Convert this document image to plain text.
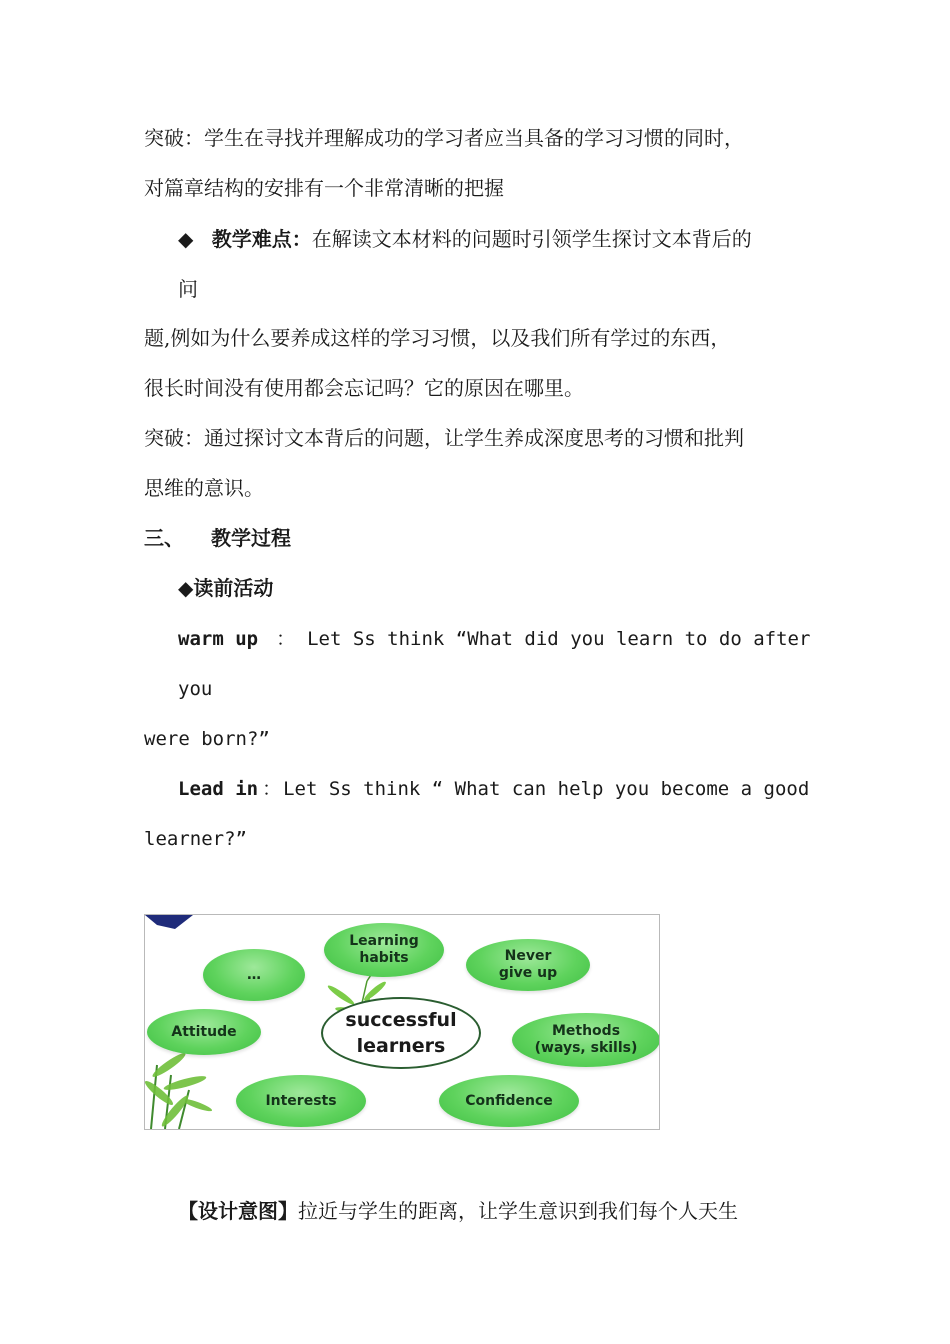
突破：学生在寻找并理解成功的学习者应当具备的学习习惯的同时，
对篇章结构的安排有一个非常清晰的把握
◆ 教学难点：在解读文本材料的问题时引领学生探讨文本背后的
问
题,例如为什么要养成这样的学习习惯，以及我们所有学过的东西，
很长时间没有使用都会忘记吗？它的原因在哪里。
突破：通过探讨文本背后的问题，让学生养成深度思考的习惯和批判
思维的意识。
三、 教学过程
◆读前活动
warm up ： Let Ss think “What did you learn to do after
you
were born?”
Lead in ： Let Ss think “ What can help you become a good
learner?”
…
Learning
habits	Never
give up
Attitude	Methods
(ways, skills)
Interests	Confidence
successful
learners
【设计意图】拉近与学生的距离，让学生意识到我们每个人天生
